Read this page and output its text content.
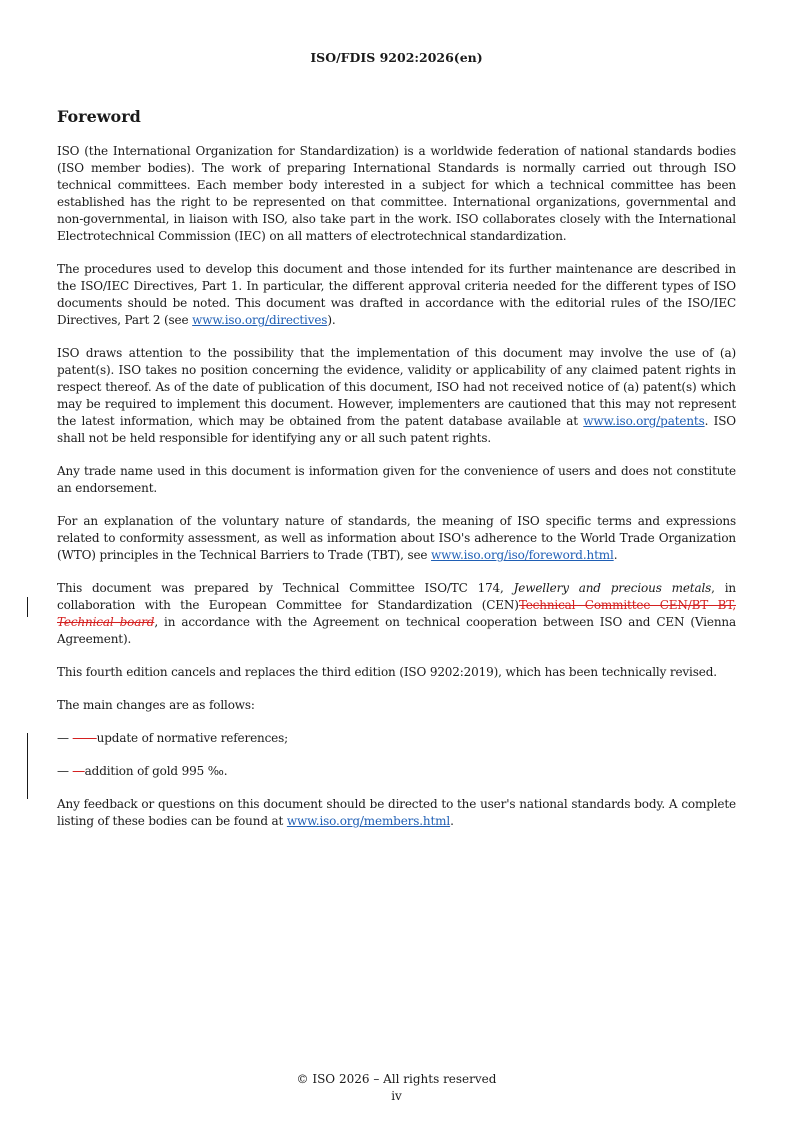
ISO/FDIS 9202:2026(en)
Foreword

ISO (the International Organization for Standardization) is a worldwide federation of national standards bodies (ISO member bodies). The work of preparing International Standards is normally carried out through ISO technical committees. Each member body interested in a subject for which a technical committee has been established has the right to be represented on that committee. International organizations, governmental and non-governmental, in liaison with ISO, also take part in the work. ISO collaborates closely with the International Electrotechnical Commission (IEC) on all matters of electrotechnical standardization.

The procedures used to develop this document and those intended for its further maintenance are described in the ISO/IEC Directives, Part 1. In particular, the different approval criteria needed for the different types of ISO documents should be noted. This document was drafted in accordance with the editorial rules of the ISO/IEC Directives, Part 2 (see www.iso.org/directives).

ISO draws attention to the possibility that the implementation of this document may involve the use of (a) patent(s). ISO takes no position concerning the evidence, validity or applicability of any claimed patent rights in respect thereof. As of the date of publication of this document, ISO had not received notice of (a) patent(s) which may be required to implement this document. However, implementers are cautioned that this may not represent the latest information, which may be obtained from the patent database available at www.iso.org/patents. ISO shall not be held responsible for identifying any or all such patent rights.

Any trade name used in this document is information given for the convenience of users and does not constitute an endorsement.

For an explanation of the voluntary nature of standards, the meaning of ISO specific terms and expressions related to conformity assessment, as well as information about ISO's adherence to the World Trade Organization (WTO) principles in the Technical Barriers to Trade (TBT), see www.iso.org/iso/foreword.html.

This document was prepared by Technical Committee ISO/TC 174, Jewellery and precious metals, in collaboration with the European Committee for Standardization (CEN)Technical Committee CEN/BT BT, Technical board, in accordance with the Agreement on technical cooperation between ISO and CEN (Vienna Agreement).

This fourth edition cancels and replaces the third edition (ISO 9202:2019), which has been technically revised.

The main changes are as follows:

— ——update of normative references;

— —addition of gold 995 ‰.

Any feedback or questions on this document should be directed to the user's national standards body. A complete listing of these bodies can be found at www.iso.org/members.html.

© ISO 2026 – All rights reserved
iv
